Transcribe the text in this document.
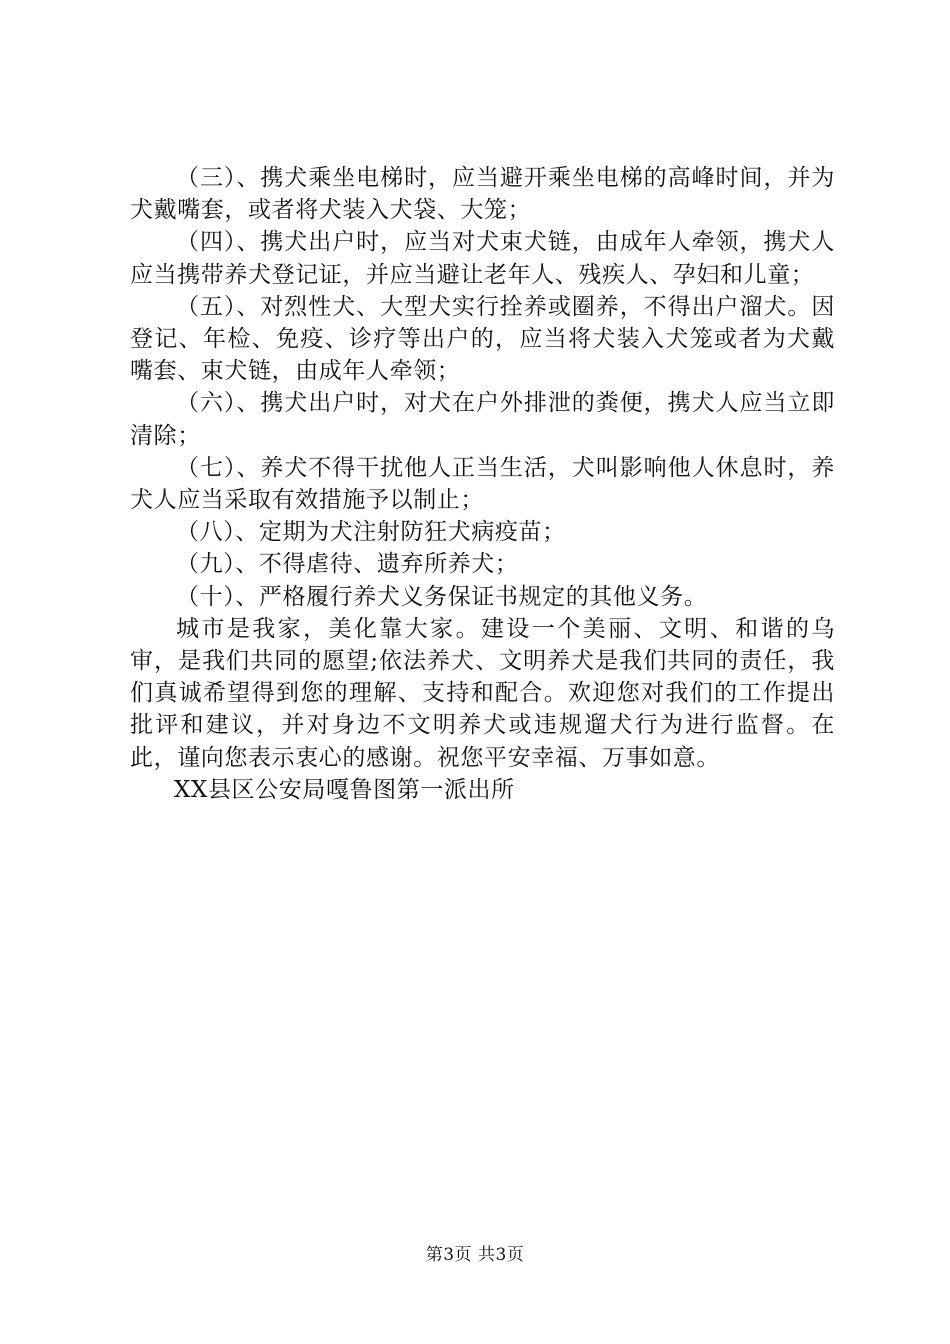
（三）、携犬乘坐电梯时，应当避开乘坐电梯的高峰时间，并为犬戴嘴套，或者将犬装入犬袋、大笼；

（四）、携犬出户时，应当对犬束犬链，由成年人牵领，携犬人应当携带养犬登记证，并应当避让老年人、残疾人、孕妇和儿童；

（五）、对烈性犬、大型犬实行拴养或圈养，不得出户溜犬。因登记、年检、免疫、诊疗等出户的，应当将犬装入犬笼或者为犬戴嘴套、束犬链，由成年人牵领；

（六）、携犬出户时，对犬在户外排泄的粪便，携犬人应当立即清除；

（七）、养犬不得干扰他人正当生活，犬叫影响他人休息时，养犬人应当采取有效措施予以制止；

（八）、定期为犬注射防狂犬病疫苗；

（九）、不得虐待、遗弃所养犬；

（十）、严格履行养犬义务保证书规定的其他义务。

城市是我家，美化靠大家。建设一个美丽、文明、和谐的乌审，是我们共同的愿望;依法养犬、文明养犬是我们共同的责任，我们真诚希望得到您的理解、支持和配合。欢迎您对我们的工作提出批评和建议，并对身边不文明养犬或违规遛犬行为进行监督。在此，谨向您表示衷心的感谢。祝您平安幸福、万事如意。

XX县区公安局嘎鲁图第一派出所

第3页 共3页
